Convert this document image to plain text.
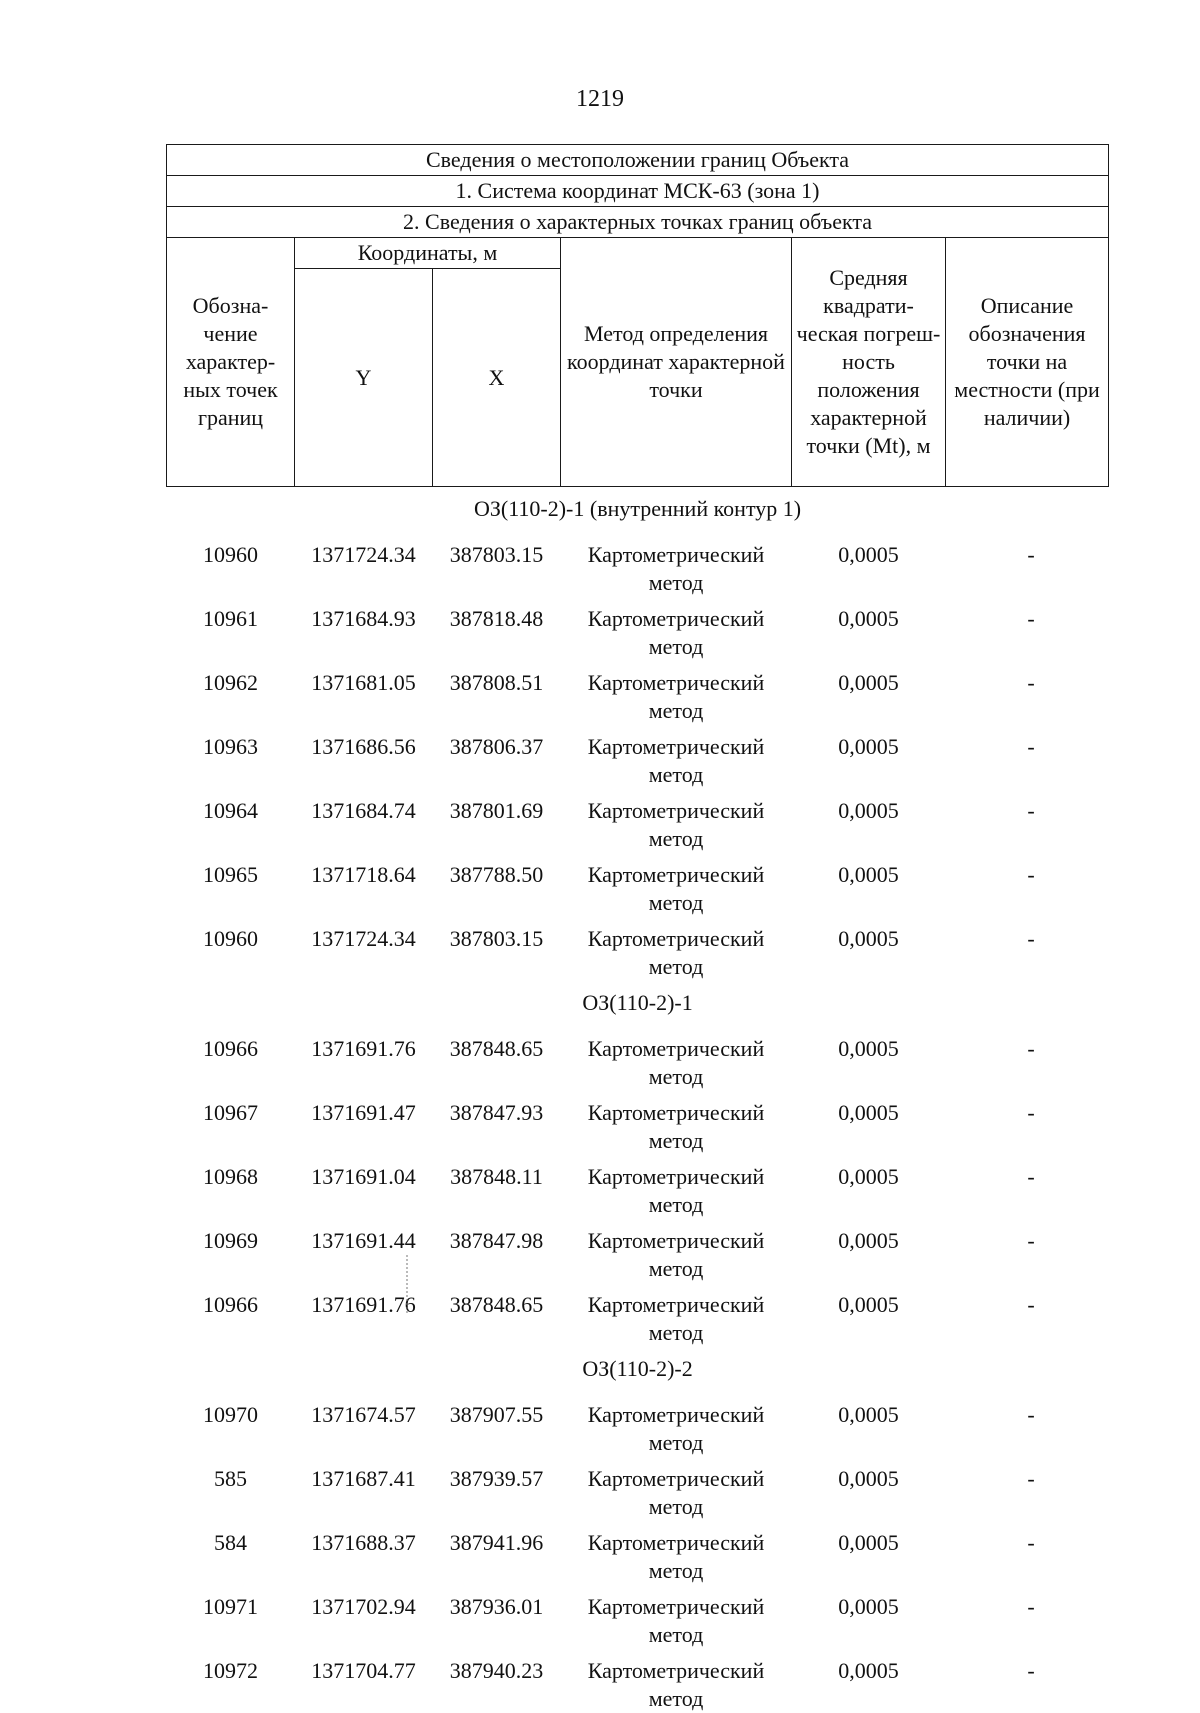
1219
Сведения о местоположении границ Объекта					
1. Система координат МСК-63 (зона 1)					
2. Сведения о характерных точках границ объекта					

Обозна-чение характер-ных точек границ	Координаты, м		Метод определения координат характерной точки	Средняя квадрати-ческая погреш-ность положения характерной точки (Mt), м	Описание обозначения точки на местности (при наличии)

	Y	X			
ОЗ(110-2)-1 (внутренний контур 1)					
10960	1371724.34	387803.15	Картометрический метод	0,0005	-
10961	1371684.93	387818.48	Картометрический метод	0,0005	-
10962	1371681.05	387808.51	Картометрический метод	0,0005	-
10963	1371686.56	387806.37	Картометрический метод	0,0005	-
10964	1371684.74	387801.69	Картометрический метод	0,0005	-
10965	1371718.64	387788.50	Картометрический метод	0,0005	-
10960	1371724.34	387803.15	Картометрический метод	0,0005	-
ОЗ(110-2)-1					
10966	1371691.76	387848.65	Картометрический метод	0,0005	-
10967	1371691.47	387847.93	Картометрический метод	0,0005	-
10968	1371691.04	387848.11	Картометрический метод	0,0005	-
10969	1371691.44	387847.98	Картометрический метод	0,0005	-
10966	1371691.76	387848.65	Картометрический метод	0,0005	-
ОЗ(110-2)-2					
10970	1371674.57	387907.55	Картометрический метод	0,0005	-
585	1371687.41	387939.57	Картометрический метод	0,0005	-
584	1371688.37	387941.96	Картометрический метод	0,0005	-
10971	1371702.94	387936.01	Картометрический метод	0,0005	-
10972	1371704.77	387940.23	Картометрический метод	0,0005	-
